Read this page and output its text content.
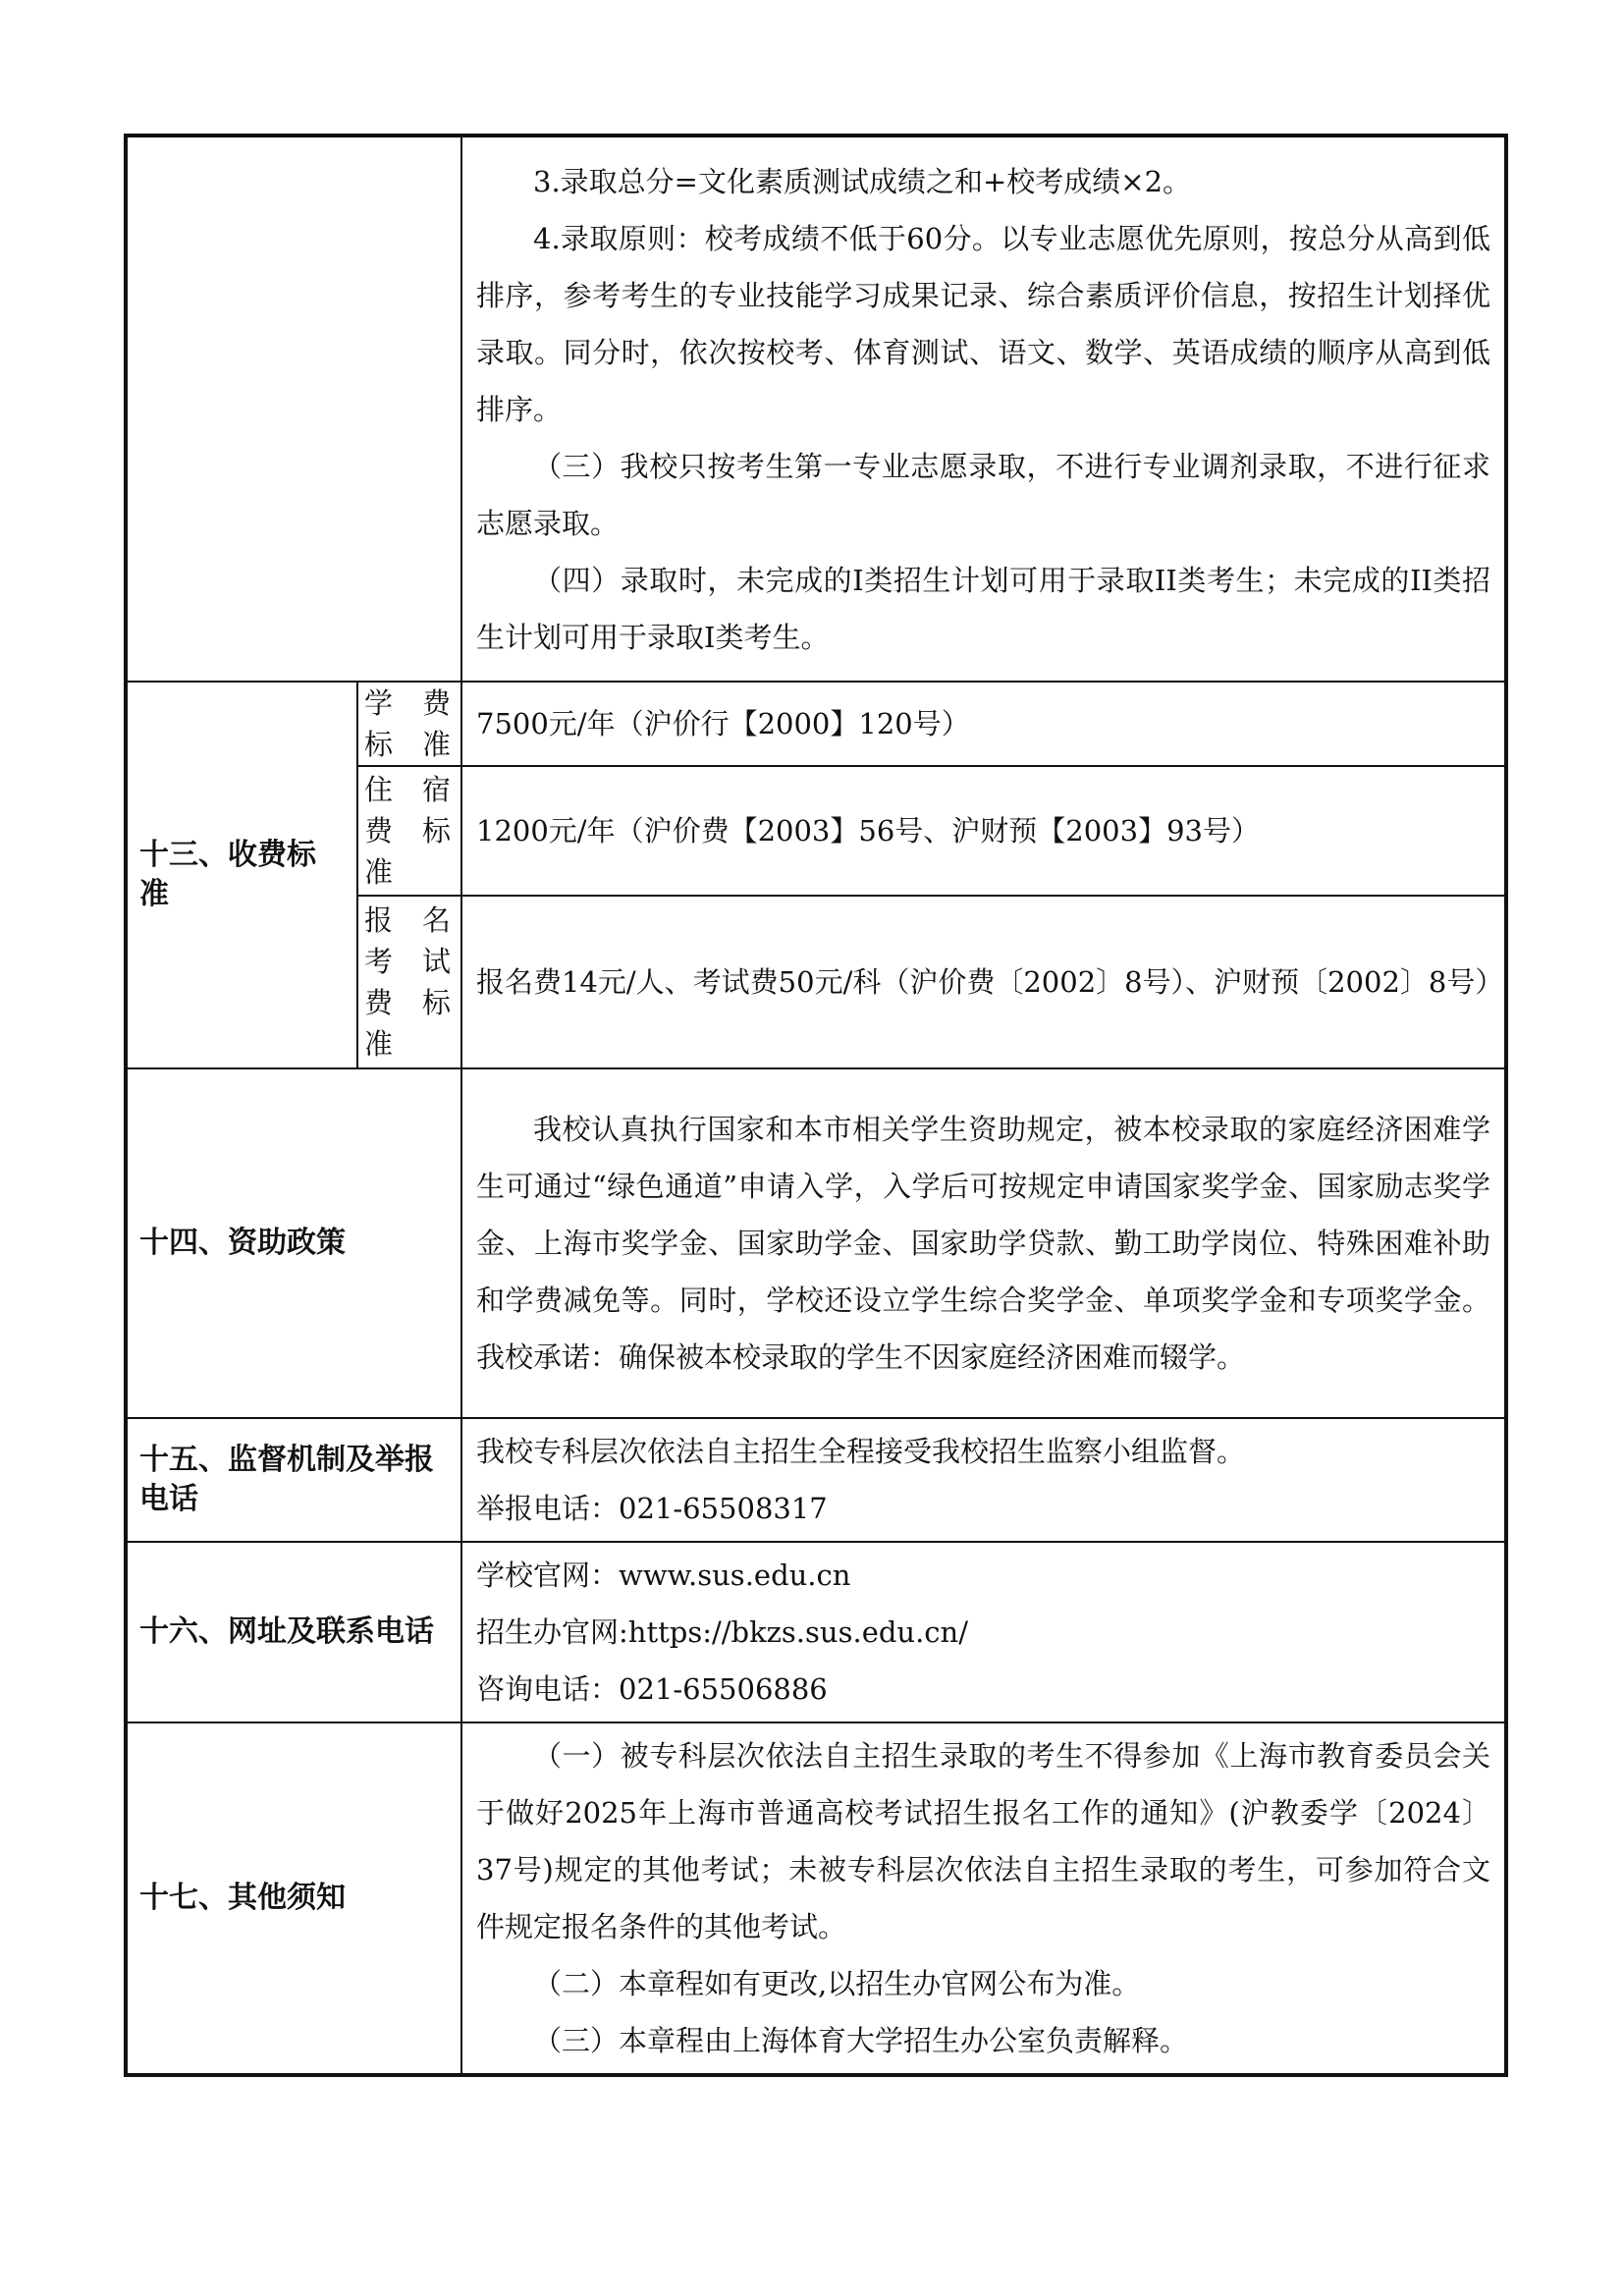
		3.录取总分=文化素质测试成绩之和+校考成绩×2。

4.录取原则：校考成绩不低于60分。以专业志愿优先原则，按总分从高到低排序，参考考生的专业技能学习成果记录、综合素质评价信息，按招生计划择优录取。同分时，依次按校考、体育测试、语文、数学、英语成绩的顺序从高到低排序。

（三）我校只按考生第一专业志愿录取，不进行专业调剂录取，不进行征求志愿录取。

（四）录取时，未完成的I类招生计划可用于录取II类考生；未完成的II类招生计划可用于录取I类考生。

十三、收费标准	学费标准	7500元/年（沪价行【2000】120号）
	住宿费标准	1200元/年（沪价费【2003】56号、沪财预【2003】93号）
	报名考试费标准	报名费14元/人、考试费50元/科（沪价费〔2002〕8号）、沪财预〔2002〕8号）
十四、资助政策		我校认真执行国家和本市相关学生资助规定，被本校录取的家庭经济困难学生可通过“绿色通道”申请入学，入学后可按规定申请国家奖学金、国家励志奖学金、上海市奖学金、国家助学金、国家助学贷款、勤工助学岗位、特殊困难补助和学费减免等。同时，学校还设立学生综合奖学金、单项奖学金和专项奖学金。我校承诺：确保被本校录取的学生不因家庭经济困难而辍学。

十五、监督机制及举报电话		我校专科层次依法自主招生全程接受我校招生监察小组监督。

举报电话：021-65508317

十六、网址及联系电话		学校官网：www.sus.edu.cn

招生办官网:https://bkzs.sus.edu.cn/

咨询电话：021-65506886

十七、其他须知		（一）被专科层次依法自主招生录取的考生不得参加《上海市教育委员会关于做好2025年上海市普通高校考试招生报名工作的通知》(沪教委学〔2024〕37号)规定的其他考试；未被专科层次依法自主招生录取的考生，可参加符合文件规定报名条件的其他考试。

（二）本章程如有更改,以招生办官网公布为准。

（三）本章程由上海体育大学招生办公室负责解释。
